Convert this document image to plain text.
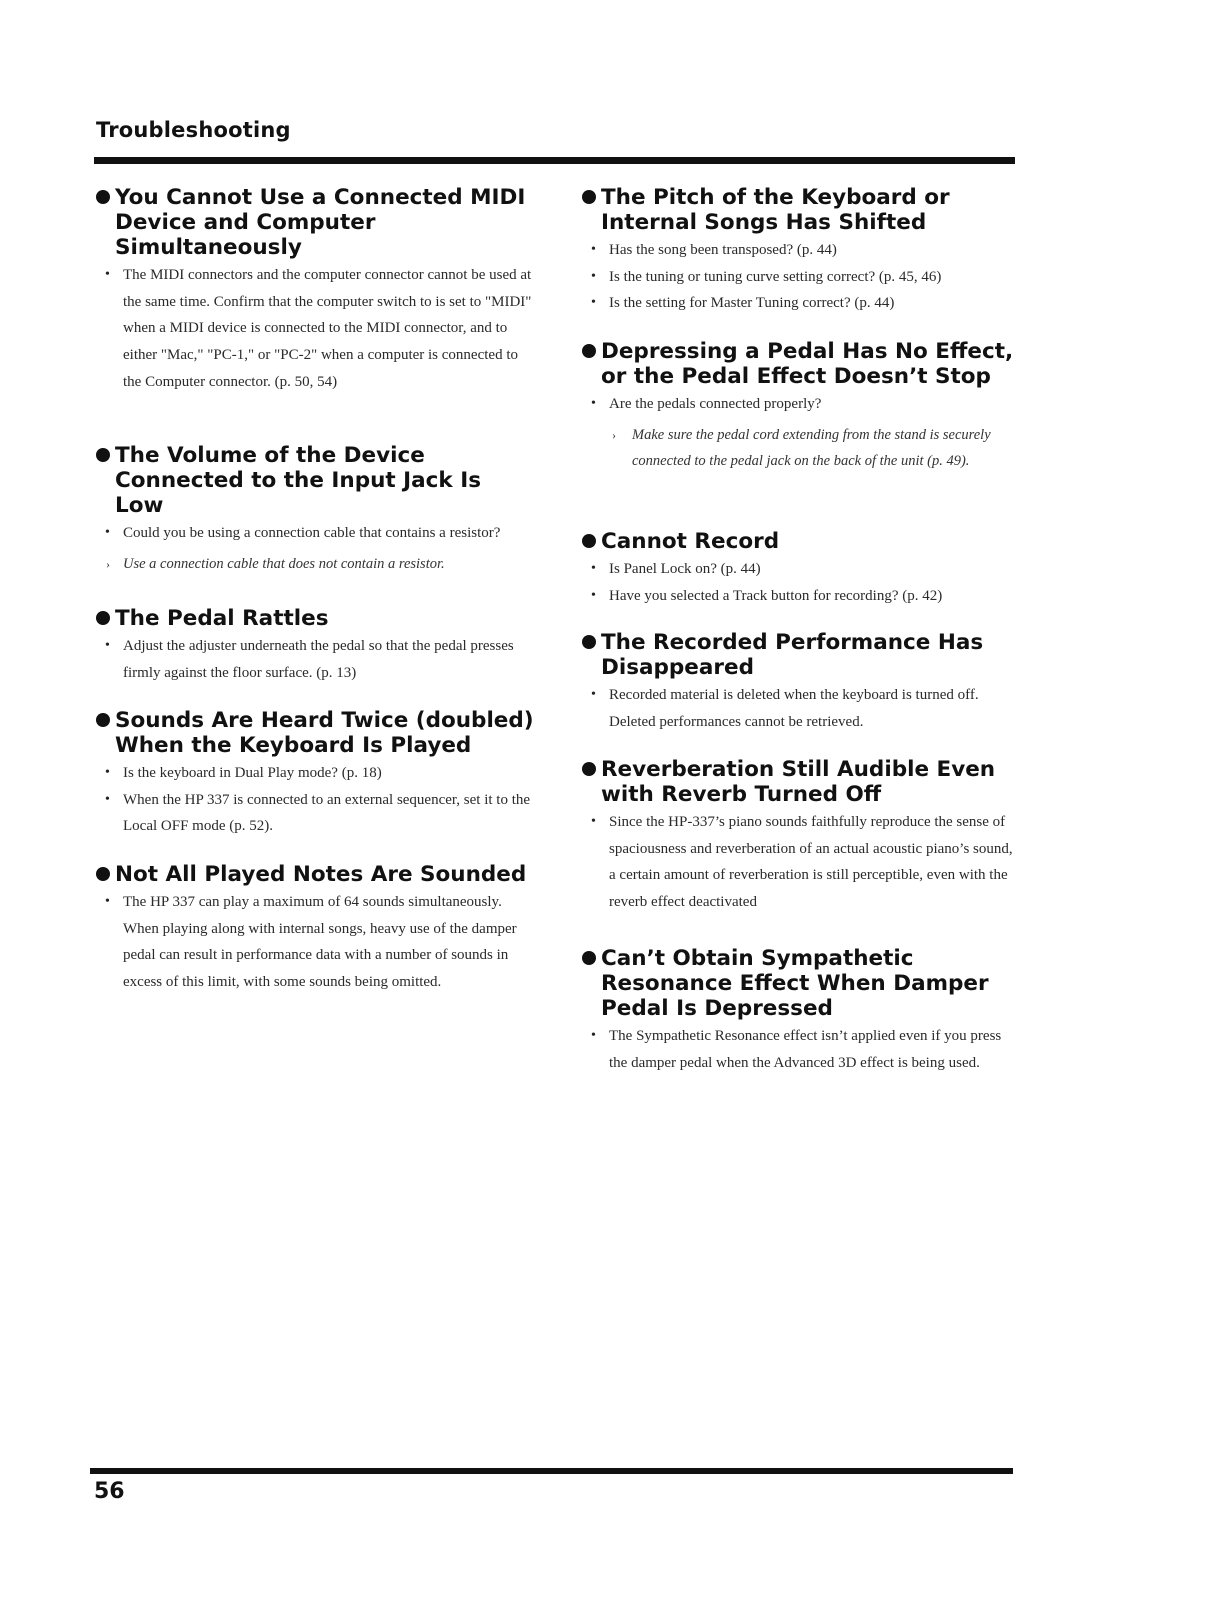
Troubleshooting
You Cannot Use a Connected MIDI Device and Computer Simultaneously
• The MIDI connectors and the computer connector cannot be used at the same time. Confirm that the computer switch to is set to "MIDI" when a MIDI device is connected to the MIDI connector, and to either "Mac," "PC-1," or "PC-2" when a computer is connected to the Computer connector. (p. 50, 54)
The Volume of the Device Connected to the Input Jack Is Low
• Could you be using a connection cable that contains a resistor?
› Use a connection cable that does not contain a resistor.
The Pedal Rattles
• Adjust the adjuster underneath the pedal so that the pedal presses firmly against the floor surface. (p. 13)
Sounds Are Heard Twice (doubled) When the Keyboard Is Played
• Is the keyboard in Dual Play mode? (p. 18)
• When the HP 337 is connected to an external sequencer, set it to the Local OFF mode (p. 52).
Not All Played Notes Are Sounded
• The HP 337 can play a maximum of 64 sounds simultaneously. When playing along with internal songs, heavy use of the damper pedal can result in performance data with a number of sounds in excess of this limit, with some sounds being omitted.
The Pitch of the Keyboard or Internal Songs Has Shifted
• Has the song been transposed? (p. 44)
• Is the tuning or tuning curve setting correct? (p. 45, 46)
• Is the setting for Master Tuning correct? (p. 44)
Depressing a Pedal Has No Effect, or the Pedal Effect Doesn’t Stop
• Are the pedals connected properly?
› Make sure the pedal cord extending from the stand is securely connected to the pedal jack on the back of the unit (p. 49).
Cannot Record
• Is Panel Lock on? (p. 44)
• Have you selected a Track button for recording? (p. 42)
The Recorded Performance Has Disappeared
• Recorded material is deleted when the keyboard is turned off. Deleted performances cannot be retrieved.
Reverberation Still Audible Even with Reverb Turned Off
• Since the HP-337’s piano sounds faithfully reproduce the sense of spaciousness and reverberation of an actual acoustic piano’s sound, a certain amount of reverberation is still perceptible, even with the reverb effect deactivated
Can’t Obtain Sympathetic Resonance Effect When Damper Pedal Is Depressed
• The Sympathetic Resonance effect isn’t applied even if you press the damper pedal when the Advanced 3D effect is being used.
56
